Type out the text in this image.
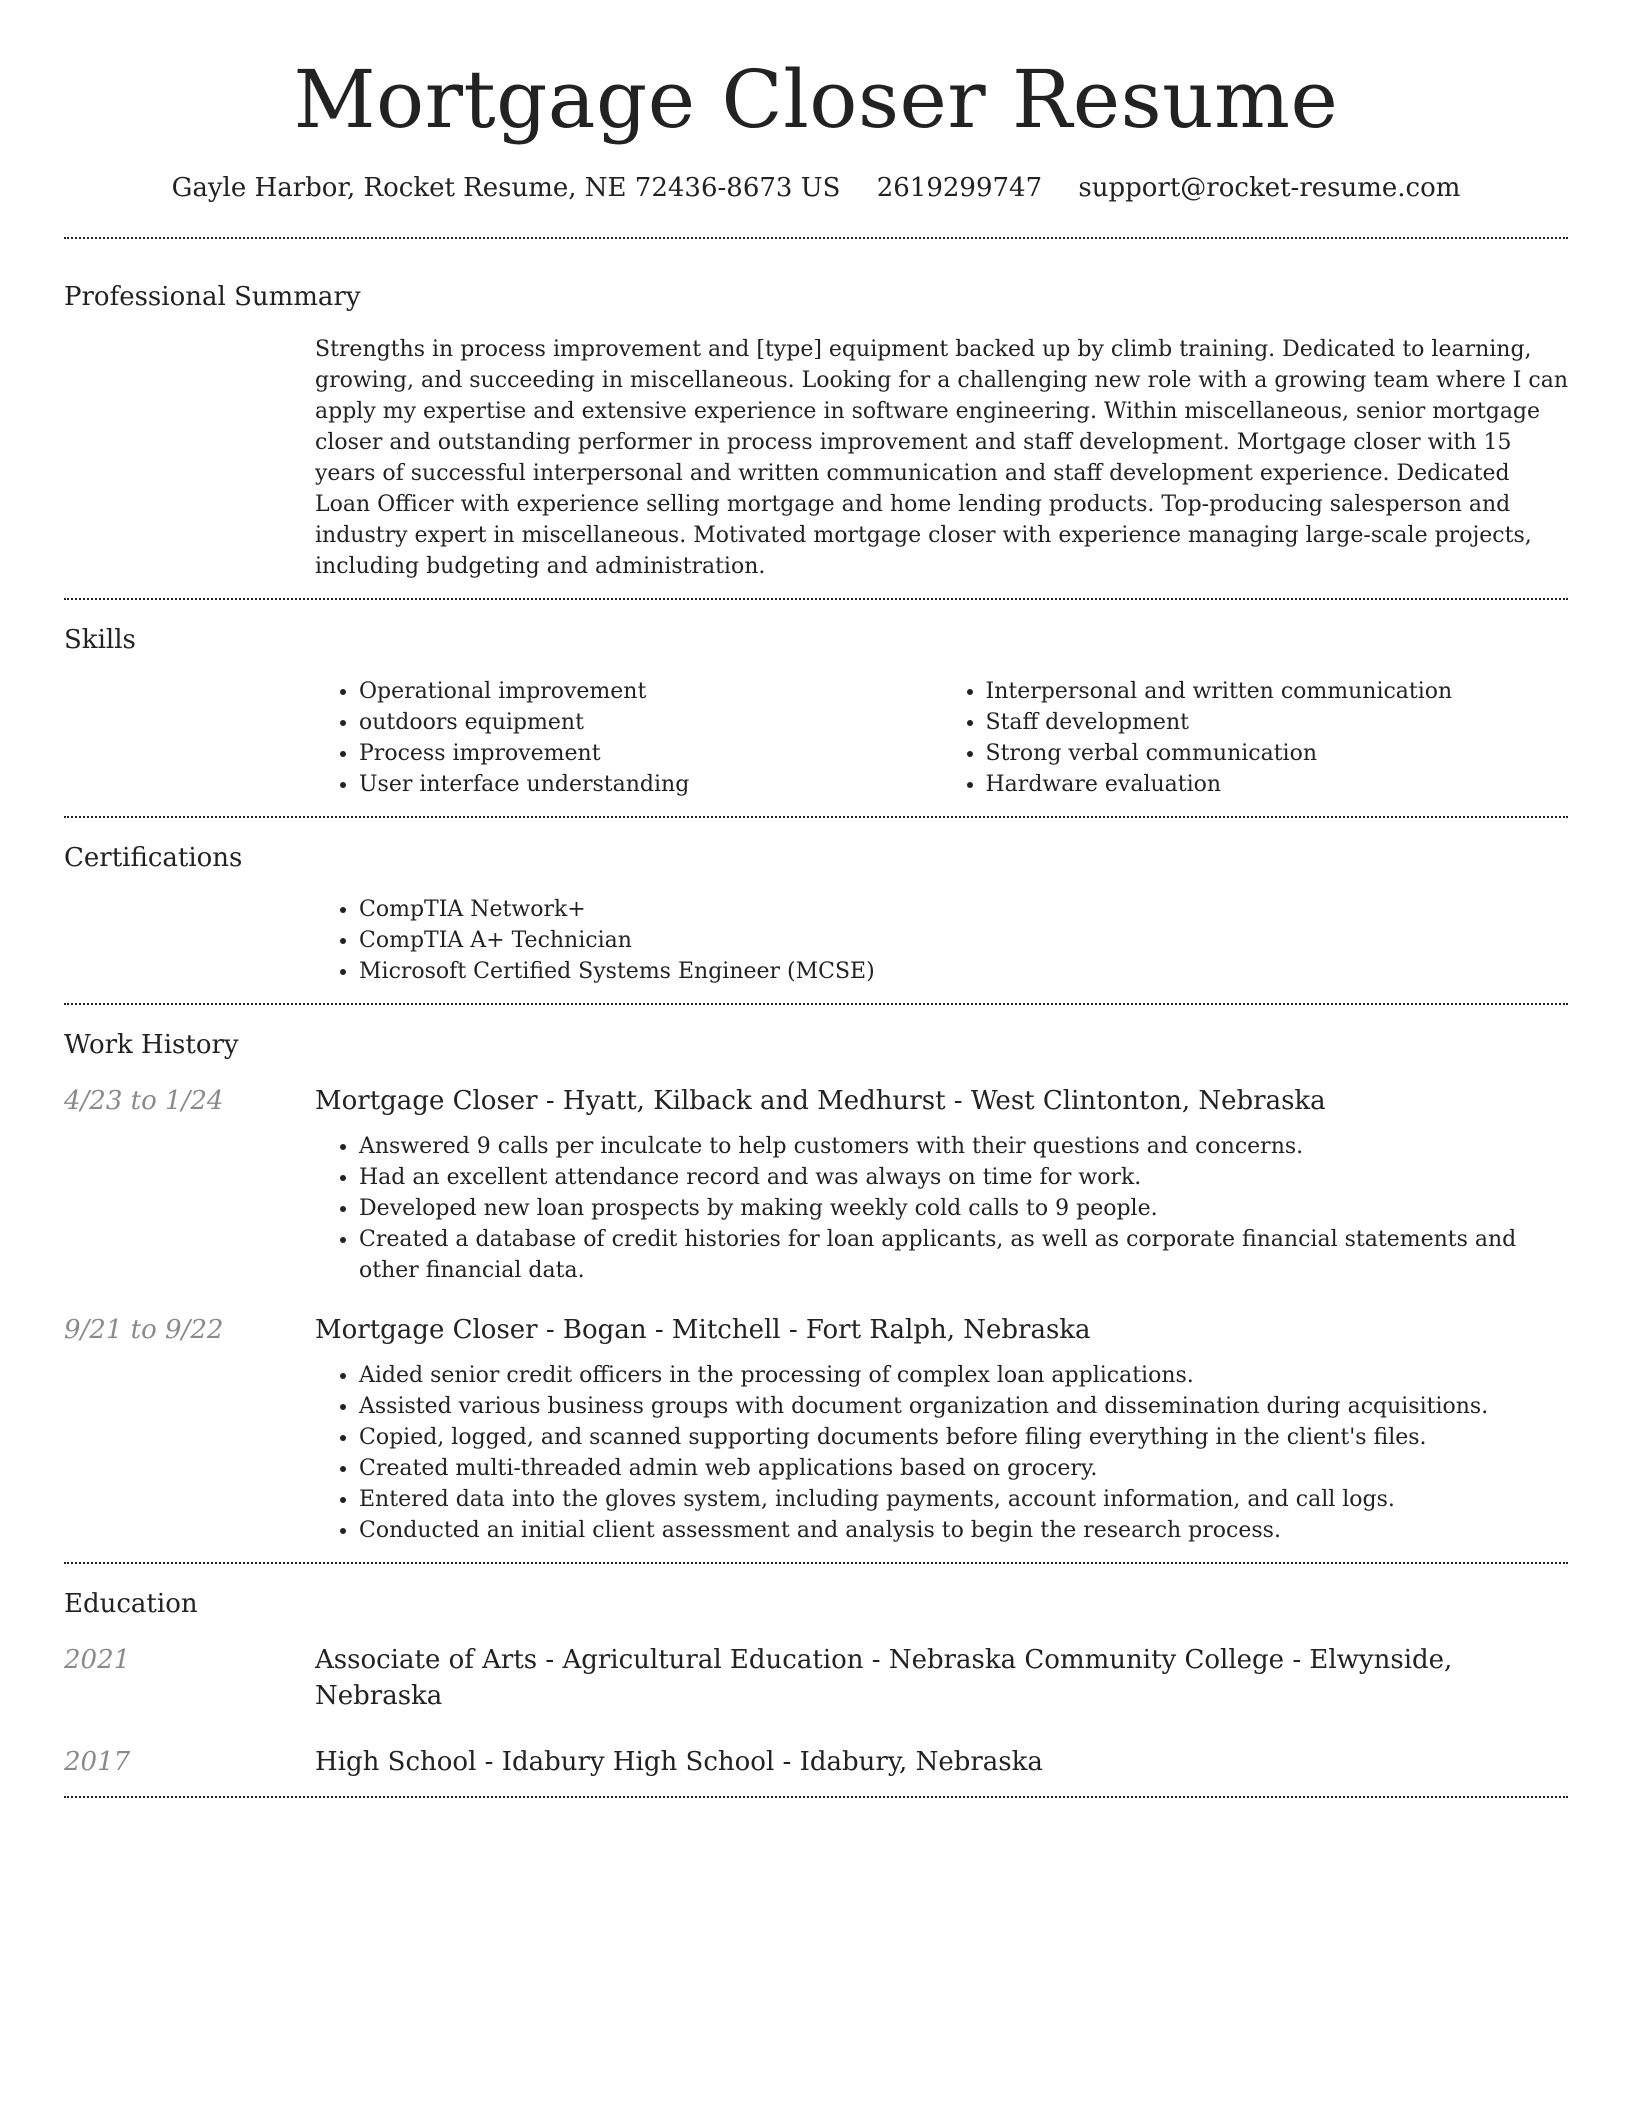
Mortgage Closer Resume
Gayle Harbor, Rocket Resume, NE 72436-8673 US 2619299747 support@rocket-resume.com
Professional Summary

Strengths in process improvement and [type] equipment backed up by climb training. Dedicated to learning, growing, and succeeding in miscellaneous. Looking for a challenging new role with a growing team where I can apply my expertise and extensive experience in software engineering. Within miscellaneous, senior mortgage closer and outstanding performer in process improvement and staff development. Mortgage closer with 15 years of successful interpersonal and written communication and staff development experience. Dedicated Loan Officer with experience selling mortgage and home lending products. Top-producing salesperson and industry expert in miscellaneous. Motivated mortgage closer with experience managing large-scale projects, including budgeting and administration.

Skills
• Operational improvement
• outdoors equipment
• Process improvement
• User interface understanding
• Interpersonal and written communication
• Staff development
• Strong verbal communication
• Hardware evaluation
Certifications
• CompTIA Network+
• CompTIA A+ Technician
• Microsoft Certified Systems Engineer (MCSE)
Work History
4/23 to 1/24	Mortgage Closer - Hyatt, Kilback and Medhurst - West Clintonton, Nebraska
• Answered 9 calls per inculcate to help customers with their questions and concerns.
• Had an excellent attendance record and was always on time for work.
• Developed new loan prospects by making weekly cold calls to 9 people.
• Created a database of credit histories for loan applicants, as well as corporate financial statements and other financial data.
9/21 to 9/22	Mortgage Closer - Bogan - Mitchell - Fort Ralph, Nebraska
• Aided senior credit officers in the processing of complex loan applications.
• Assisted various business groups with document organization and dissemination during acquisitions.
• Copied, logged, and scanned supporting documents before filing everything in the client's files.
• Created multi-threaded admin web applications based on grocery.
• Entered data into the gloves system, including payments, account information, and call logs.
• Conducted an initial client assessment and analysis to begin the research process.
Education
2021	Associate of Arts - Agricultural Education - Nebraska Community College - Elwynside, Nebraska
2017	High School - Idabury High School - Idabury, Nebraska
